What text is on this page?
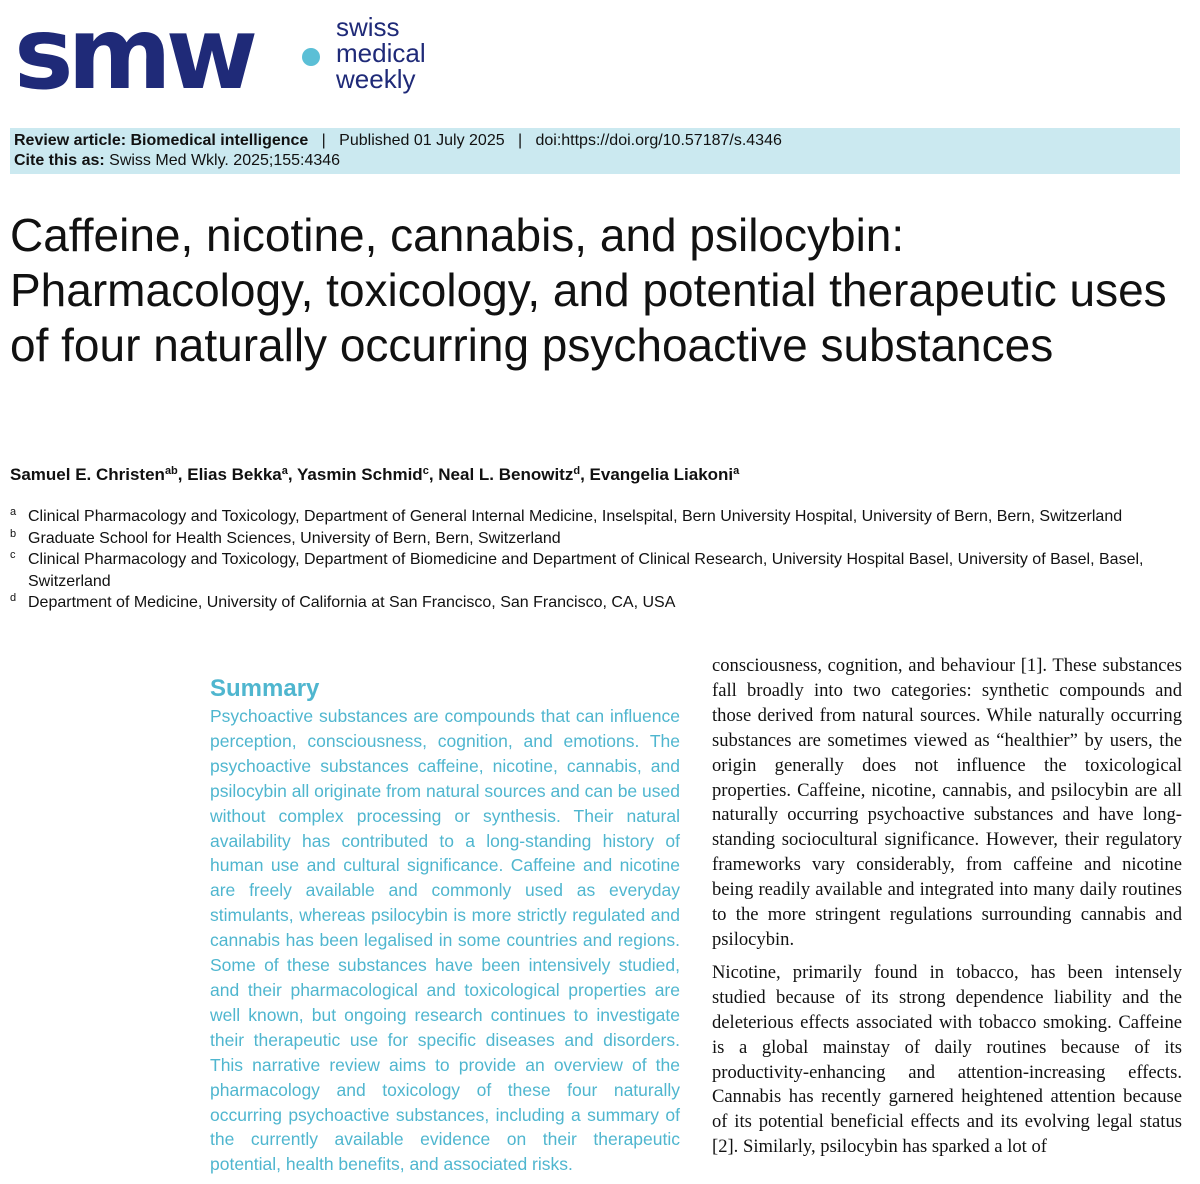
smw	swiss
medical
weekly
Review article: Biomedical intelligence   |   Published 01 July 2025   |   doi:https://doi.org/10.57187/s.4346
Cite this as: Swiss Med Wkly. 2025;155:4346
Caffeine, nicotine, cannabis, and psilocybin: Pharmacology, toxicology, and potential therapeutic uses of four naturally occurring psychoactive substances
Samuel E. Christen$^{ab}$, Elias Bekka$^a$, Yasmin Schmid$^c$, Neal L. Benowitz$^d$, Evangelia Liakoni$^a$
a Clinical Pharmacology and Toxicology, Department of General Internal Medicine, Inselspital, Bern University Hospital, University of Bern, Bern, Switzerland
b Graduate School for Health Sciences, University of Bern, Bern, Switzerland
c Clinical Pharmacology and Toxicology, Department of Biomedicine and Department of Clinical Research, University Hospital Basel, University of Basel, Basel, Switzerland
d Department of Medicine, University of California at San Francisco, San Francisco, CA, USA
Summary

Psychoactive substances are compounds that can influence perception, consciousness, cognition, and emotions. The psychoactive substances caffeine, nicotine, cannabis, and psilocybin all originate from natural sources and can be used without complex processing or synthesis. Their natural availability has contributed to a long-standing history of human use and cultural significance. Caffeine and nicotine are freely available and commonly used as everyday stimulants, whereas psilocybin is more strictly regulated and cannabis has been legalised in some countries and regions. Some of these substances have been intensively studied, and their pharmacological and toxicological properties are well known, but ongoing research continues to investigate their therapeutic use for specific diseases and disorders. This narrative review aims to provide an overview of the pharmacology and toxicology of these four naturally occurring psychoactive substances, including a summary of the currently available evidence on their therapeutic potential, health benefits, and associated risks.

consciousness, cognition, and behaviour [1]. These substances fall broadly into two categories: synthetic compounds and those derived from natural sources. While naturally occurring substances are sometimes viewed as “healthier” by users, the origin generally does not influence the toxicological properties. Caffeine, nicotine, cannabis, and psilocybin are all naturally occurring psychoactive substances and have long-standing sociocultural significance. However, their regulatory frameworks vary considerably, from caffeine and nicotine being readily available and integrated into many daily routines to the more stringent regulations surrounding cannabis and psilocybin.

Nicotine, primarily found in tobacco, has been intensely studied because of its strong dependence liability and the deleterious effects associated with tobacco smoking. Caffeine is a global mainstay of daily routines because of its productivity-enhancing and attention-increasing effects. Cannabis has recently garnered heightened attention because of its potential beneficial effects and its evolving legal status [2]. Similarly, psilocybin has sparked a lot of
